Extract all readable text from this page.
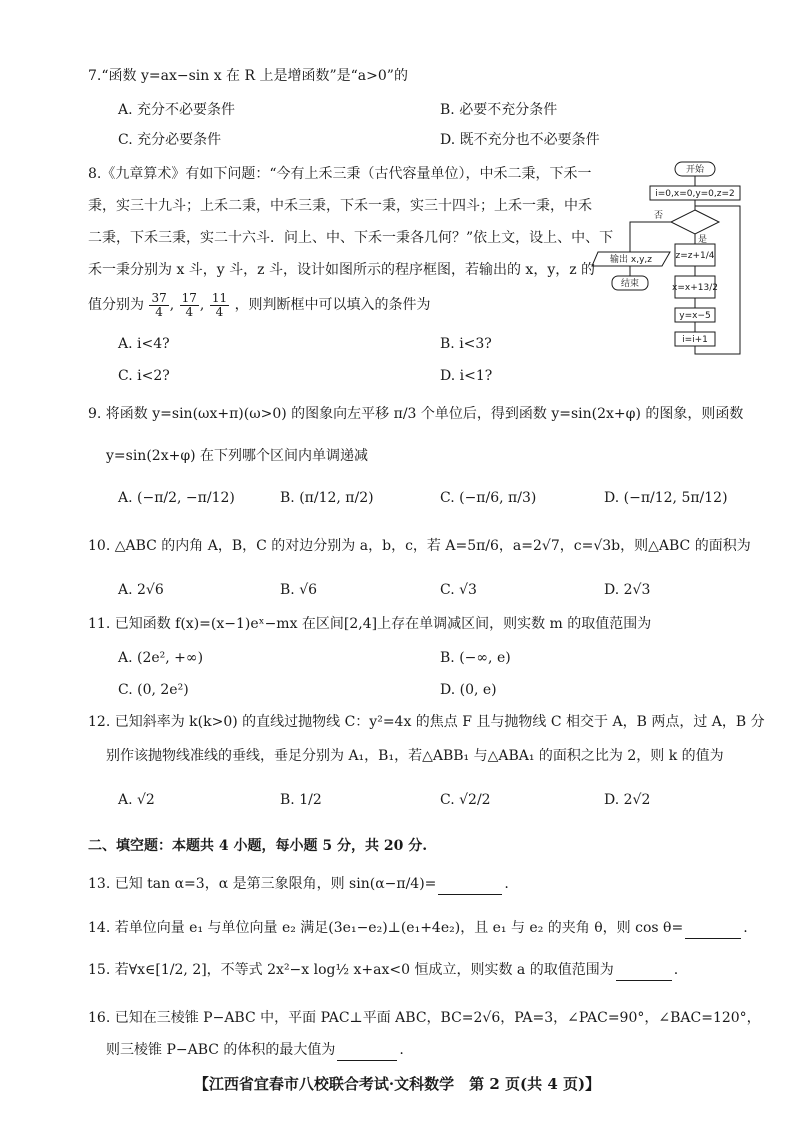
7.“函数 y=ax−sin x 在 R 上是增函数”是“a>0”的
A. 充分不必要条件	B. 必要不充分条件
C. 充分必要条件	D. 既不充分也不必要条件
8.《九章算术》有如下问题：“今有上禾三秉（古代容量单位），中禾二秉，下禾一
秉，实三十九斗；上禾二秉，中禾三秉，下禾一秉，实三十四斗；上禾一秉，中禾
二秉，下禾三秉，实二十六斗．问上、中、下禾一秉各几何？”依上文，设上、中、下
禾一秉分别为 x 斗，y 斗，z 斗，设计如图所示的程序框图，若输出的 x，y，z 的
值分别为 $\frac{37}{4}$ , $\frac{17}{4}$ , $\frac{11}{4}$ ，则判断框中可以填入的条件为
A. i<4?	B. i<3?
C. i<2?	D. i<1?
开始
i=0,x=0,y=0,z=2
否
是
输出 x,y,z
结束
z=z+1/4
x=x+13/2
y=x−5
i=i+1
9. 将函数 y=sin(ωx+π)(ω>0) 的图象向左平移 π/3 个单位后，得到函数 y=sin(2x+φ) 的图象，则函数
y=sin(2x+φ) 在下列哪个区间内单调递减
A. (−π/2, −π/12)	B. (π/12, π/2)	C. (−π/6, π/3)	D. (−π/12, 5π/12)
10. △ABC 的内角 A，B，C 的对边分别为 a，b，c，若 A=5π/6，a=2√7，c=√3b，则△ABC 的面积为
A. 2√6	B. √6	C. √3	D. 2√3
11. 已知函数 f(x)=(x−1)eˣ−mx 在区间[2,4]上存在单调减区间，则实数 m 的取值范围为
A. (2e², +∞)	B. (−∞, e)
C. (0, 2e²)	D. (0, e)
12. 已知斜率为 k(k>0) 的直线过抛物线 C：y²=4x 的焦点 F 且与抛物线 C 相交于 A，B 两点，过 A，B 分
别作该抛物线准线的垂线，垂足分别为 A₁，B₁，若△ABB₁ 与△ABA₁ 的面积之比为 2，则 k 的值为
A. √2	B. 1/2	C. √2/2	D. 2√2
二、填空题：本题共 4 小题，每小题 5 分，共 20 分.
13. 已知 tan α=3，α 是第三象限角，则 sin(α−π/4)=	.
14. 若单位向量 e₁ 与单位向量 e₂ 满足(3e₁−e₂)⊥(e₁+4e₂)，且 e₁ 与 e₂ 的夹角 θ，则 cos θ=	.
15. 若∀x∈[1/2, 2]，不等式 2x²−x log½ x+ax<0 恒成立，则实数 a 的取值范围为	.
16. 已知在三棱锥 P−ABC 中，平面 PAC⊥平面 ABC，BC=2√6，PA=3，∠PAC=90°，∠BAC=120°，
则三棱锥 P−ABC 的体积的最大值为	.
【江西省宜春市八校联合考试·文科数学　第 2 页(共 4 页)】
